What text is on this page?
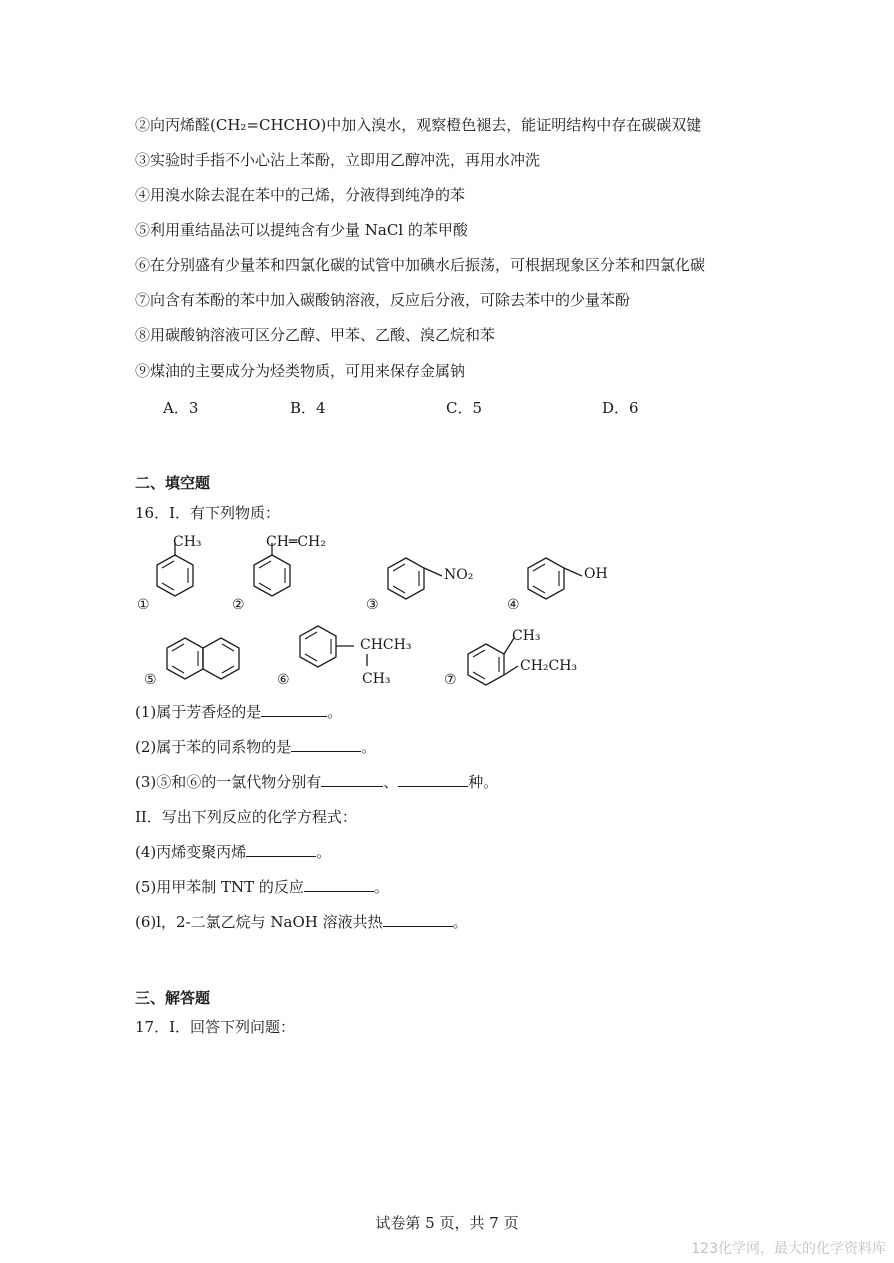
②向丙烯醛(CH₂=CHCHO)中加入溴水，观察橙色褪去，能证明结构中存在碳碳双键
③实验时手指不小心沾上苯酚，立即用乙醇冲洗，再用水冲洗
④用溴水除去混在苯中的己烯，分液得到纯净的苯
⑤利用重结晶法可以提纯含有少量 NaCl 的苯甲酸
⑥在分别盛有少量苯和四氯化碳的试管中加碘水后振荡，可根据现象区分苯和四氯化碳
⑦向含有苯酚的苯中加入碳酸钠溶液，反应后分液，可除去苯中的少量苯酚
⑧用碳酸钠溶液可区分乙醇、甲苯、乙酸、溴乙烷和苯
⑨煤油的主要成分为烃类物质，可用来保存金属钠
A．3	B．4	C．5	D．6
二、填空题
16．I．有下列物质：
CH₃
①
CH═CH₂
②
NO₂
③
OH
④
⑤
CHCH₃
CH₃
⑥
CH₃
CH₂CH₃
⑦
(1)属于芳香烃的是	。
(2)属于苯的同系物的是	。
(3)⑤和⑥的一氯代物分别有	、	种。
II．写出下列反应的化学方程式：
(4)丙烯变聚丙烯	。
(5)用甲苯制 TNT 的反应	。
(6)l，2-二氯乙烷与 NaOH 溶液共热	。
三、解答题
17．I．回答下列问题：
试卷第 5 页，共 7 页
123化学网，最大的化学资料库
